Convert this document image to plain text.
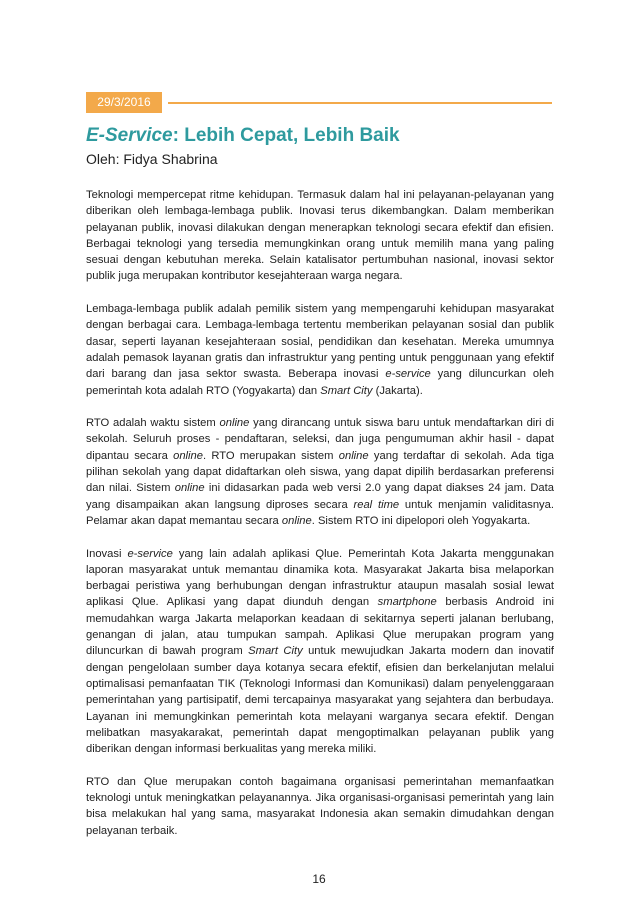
29/3/2016
E-Service: Lebih Cepat, Lebih Baik
Oleh: Fidya Shabrina

Teknologi mempercepat ritme kehidupan. Termasuk dalam hal ini pelayanan-pelayanan yang diberikan oleh lembaga-lembaga publik. Inovasi terus dikembangkan. Dalam memberikan pelayanan publik, inovasi dilakukan dengan menerapkan teknologi secara efektif dan efisien. Berbagai teknologi yang tersedia memungkinkan orang untuk memilih mana yang paling sesuai dengan kebutuhan mereka. Selain katalisator pertumbuhan nasional, inovasi sektor publik juga merupakan kontributor kesejahteraan warga negara.

Lembaga-lembaga publik adalah pemilik sistem yang mempengaruhi kehidupan masyarakat dengan berbagai cara. Lembaga-lembaga tertentu memberikan pelayanan sosial dan publik dasar, seperti layanan kesejahteraan sosial, pendidikan dan kesehatan. Mereka umumnya adalah pemasok layanan gratis dan infrastruktur yang penting untuk penggunaan yang efektif dari barang dan jasa sektor swasta. Beberapa inovasi e-service yang diluncurkan oleh pemerintah kota adalah RTO (Yogyakarta) dan Smart City (Jakarta).

RTO adalah waktu sistem online yang dirancang untuk siswa baru untuk mendaftarkan diri di sekolah. Seluruh proses - pendaftaran, seleksi, dan juga pengumuman akhir hasil - dapat dipantau secara online. RTO merupakan sistem online yang terdaftar di sekolah. Ada tiga pilihan sekolah yang dapat didaftarkan oleh siswa, yang dapat dipilih berdasarkan preferensi dan nilai. Sistem online ini didasarkan pada web versi 2.0 yang dapat diakses 24 jam. Data yang disampaikan akan langsung diproses secara real time untuk menjamin validitasnya. Pelamar akan dapat memantau secara online. Sistem RTO ini dipelopori oleh Yogyakarta.

Inovasi e-service yang lain adalah aplikasi Qlue. Pemerintah Kota Jakarta menggunakan laporan masyarakat untuk memantau dinamika kota. Masyarakat Jakarta bisa melaporkan berbagai peristiwa yang berhubungan dengan infrastruktur ataupun masalah sosial lewat aplikasi Qlue. Aplikasi yang dapat diunduh dengan smartphone berbasis Android ini memudahkan warga Jakarta melaporkan keadaan di sekitarnya seperti jalanan berlubang, genangan di jalan, atau tumpukan sampah. Aplikasi Qlue merupakan program yang diluncurkan di bawah program Smart City untuk mewujudkan Jakarta modern dan inovatif dengan pengelolaan sumber daya kotanya secara efektif, efisien dan berkelanjutan melalui optimalisasi pemanfaatan TIK (Teknologi Informasi dan Komunikasi) dalam penyelenggaraan pemerintahan yang partisipatif, demi tercapainya masyarakat yang sejahtera dan berbudaya. Layanan ini memungkinkan pemerintah kota melayani warganya secara efektif. Dengan melibatkan masyakarakat, pemerintah dapat mengoptimalkan pelayanan publik yang diberikan dengan informasi berkualitas yang mereka miliki.

RTO dan Qlue merupakan contoh bagaimana organisasi pemerintahan memanfaatkan teknologi untuk meningkatkan pelayanannya. Jika organisasi-organisasi pemerintah yang lain bisa melakukan hal yang sama, masyarakat Indonesia akan semakin dimudahkan dengan pelayanan terbaik.

16
